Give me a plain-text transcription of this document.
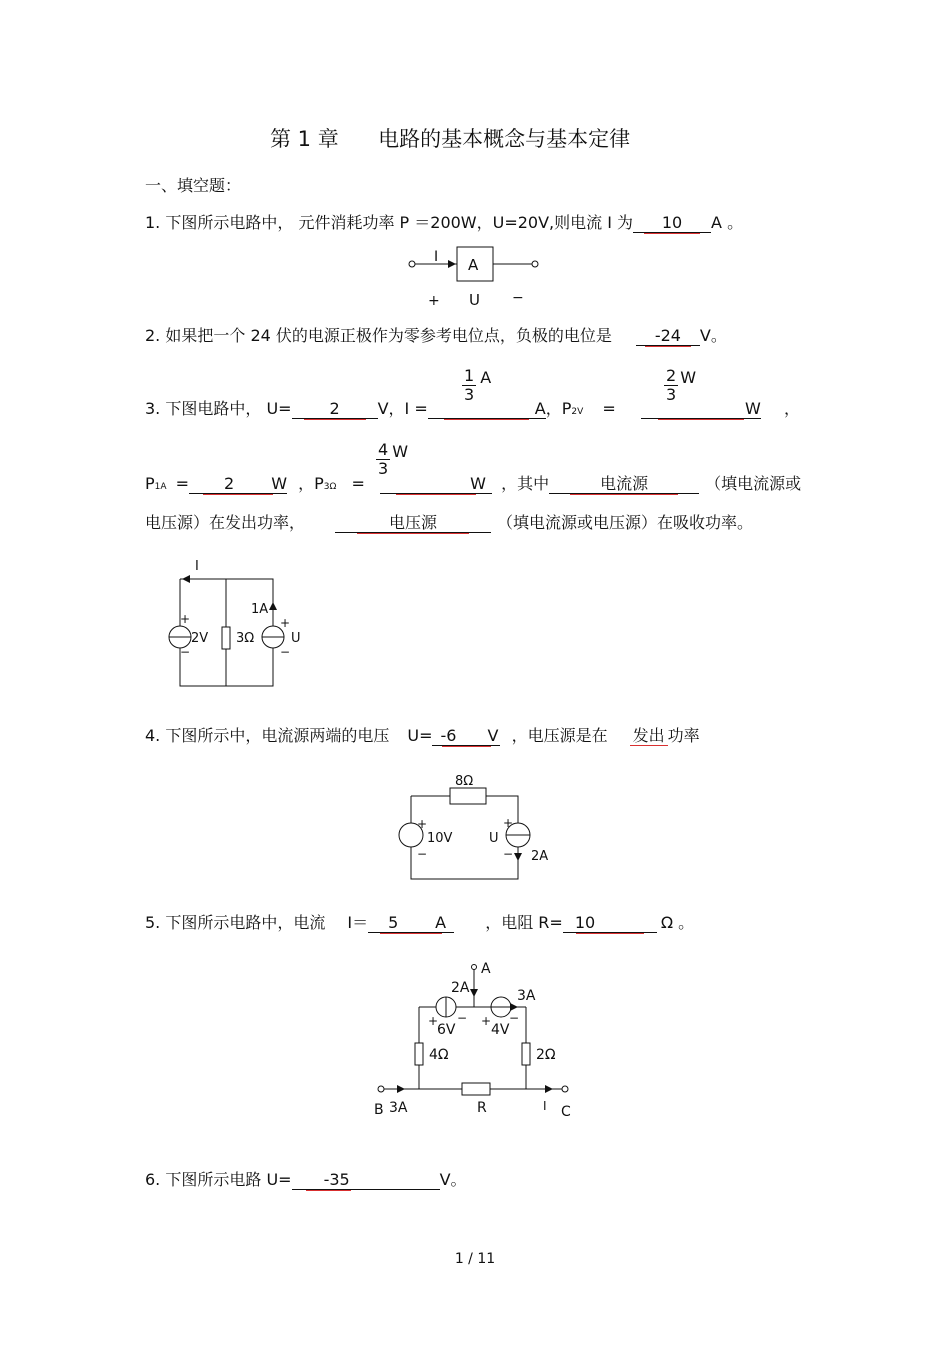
第 1 章 电路的基本概念与基本定律
一、填空题：
1. 下图所示电路中， 元件消耗功率 P ＝200W，U=20V,则电流 I 为 10 A 。
I A
+ U −
2. 如果把一个 24 伏的电源正极作为零参考电位点，负极的电位是	-24 V。
3. 下图电路中， U= 2 V，I =	A
，P2V =	W ，
$\frac{1}{3}$ A	$\frac{2}{3}$ W
$\frac{4}{3}$ W
P1A = 2 W ，P3Ω =	W ，其中	电流源	（填电流源或
电压源）在发出功率，	电压源	（填电流源或电压源）在吸收功率。
I
+
2V
−
3Ω
1A
+
U
−
4. 下图所示中，电流源两端的电压 U= -6 V ，电压源是在 发出 功率
8Ω
+
10V
−
U
+
− 2A
5. 下图所示电路中，电流 I＝ 5 A ，电阻 R= 10	Ω 。
A
2A	3A
+
6V
− +
4V
−
4Ω	2Ω
B 3A	R	I C
6. 下图所示电路 U= -35	V。
1 / 11
